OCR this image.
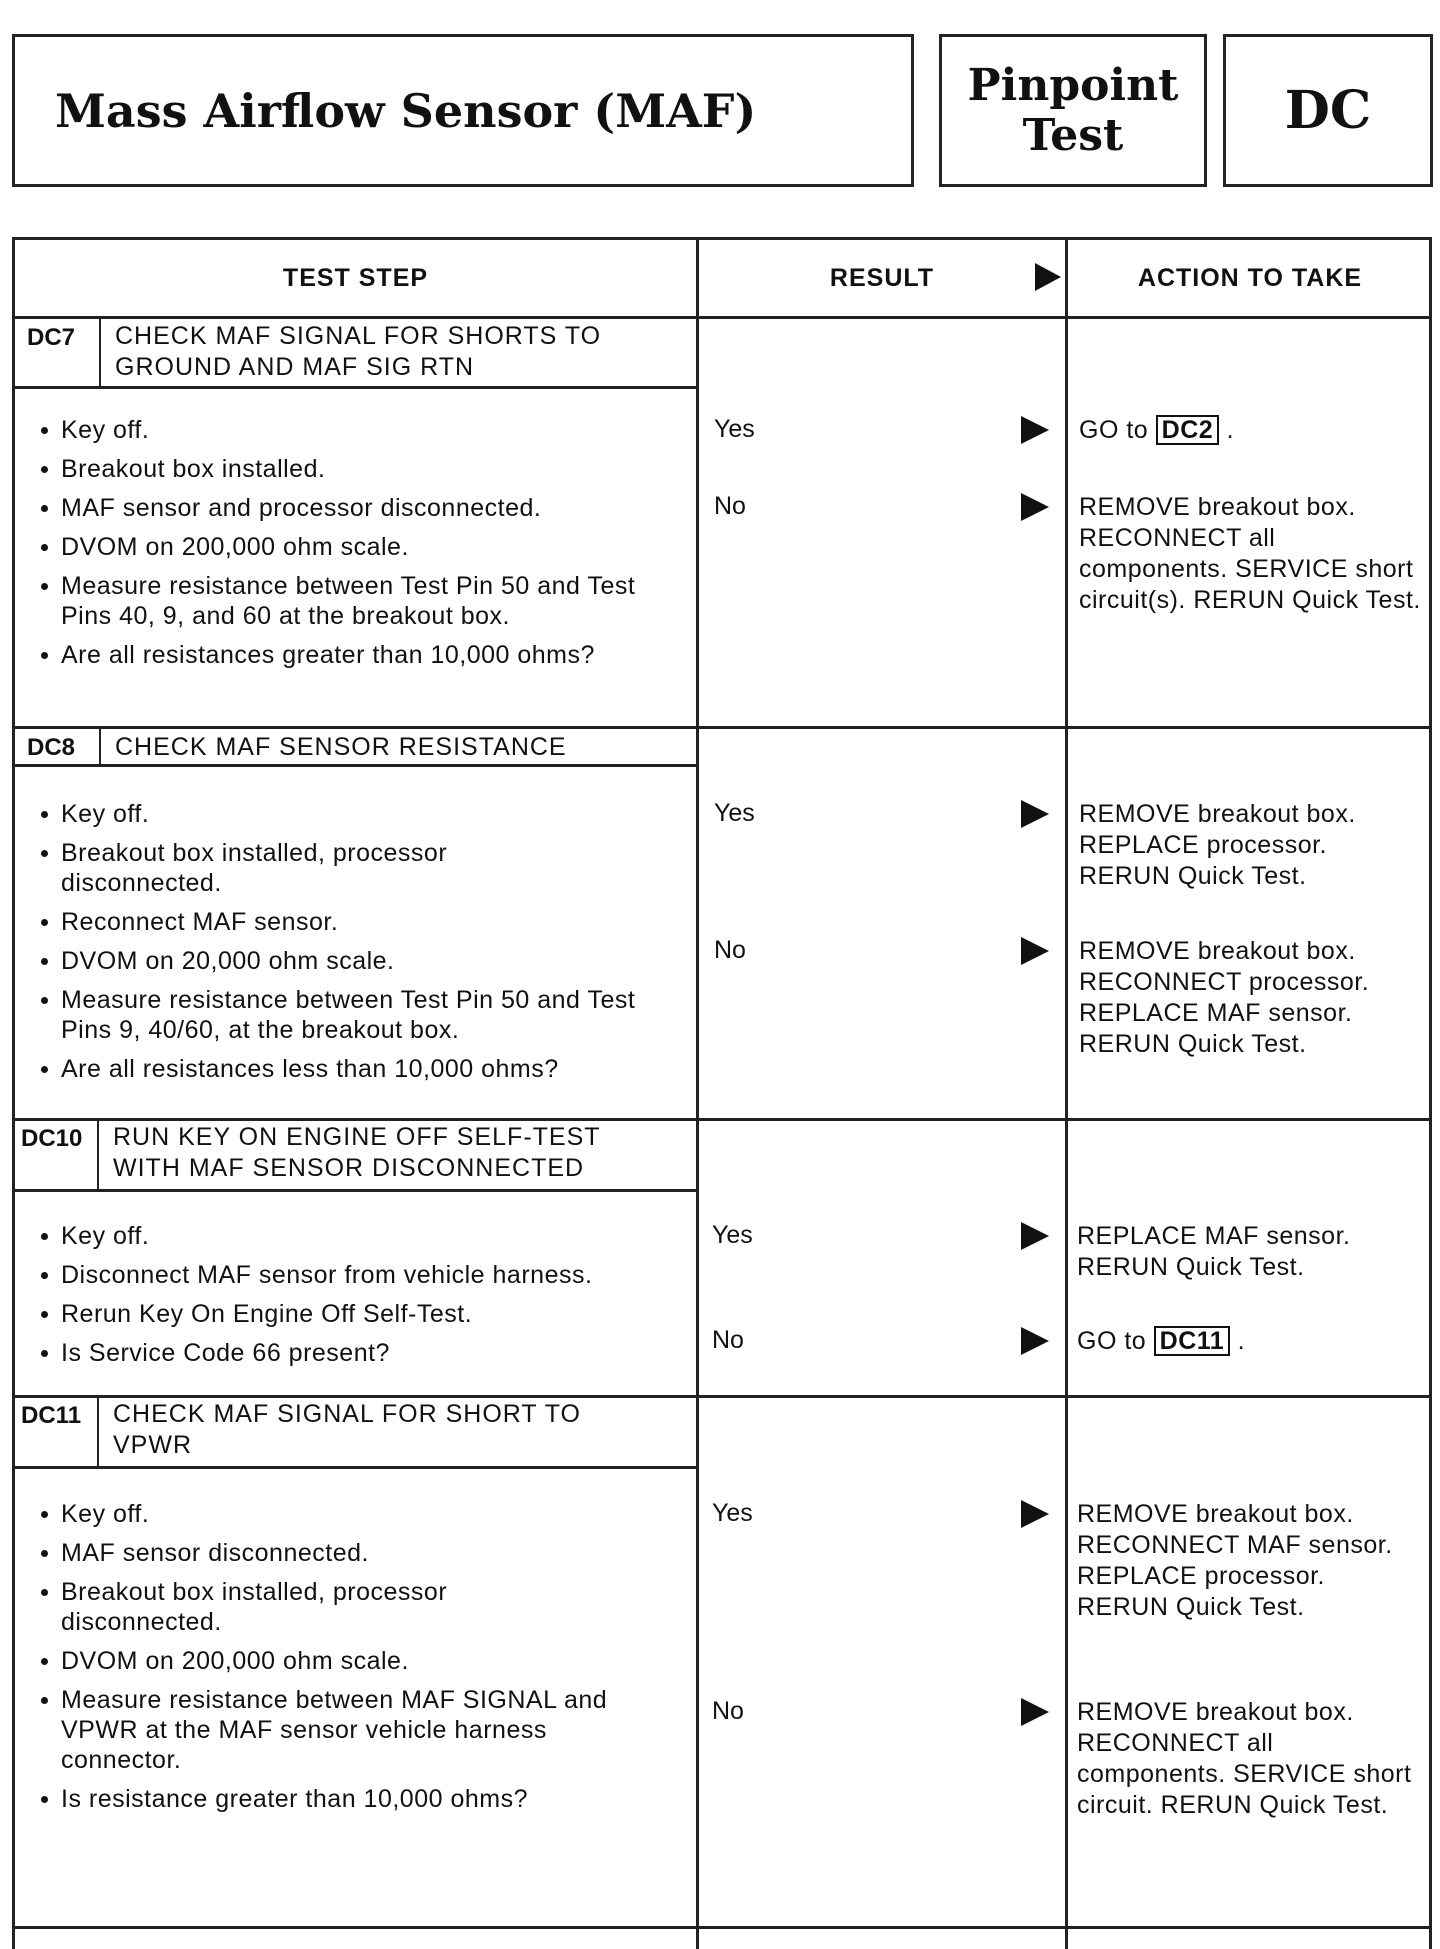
Mass Airflow Sensor (MAF)	Pinpoint
Test	DC
TEST STEP	RESULT	ACTION TO TAKE
DC7 CHECK MAF SIGNAL FOR SHORTS TO
GROUND AND MAF SIG RTN
Key off.
Breakout box installed.
MAF sensor and processor disconnected.
DVOM on 200,000 ohm scale.
Measure resistance between Test Pin 50 and Test Pins 40, 9, and 60 at the breakout box.
Are all resistances greater than 10,000 ohms?
Yes	GO to DC2 .
No	REMOVE breakout box. RECONNECT all components. SERVICE short circuit(s). RERUN Quick Test.
DC8 CHECK MAF SENSOR RESISTANCE
Key off.
Breakout box installed, processor disconnected.
Reconnect MAF sensor.
DVOM on 20,000 ohm scale.
Measure resistance between Test Pin 50 and Test Pins 9, 40/60, at the breakout box.
Are all resistances less than 10,000 ohms?
Yes	REMOVE breakout box. REPLACE processor. RERUN Quick Test.
No	REMOVE breakout box. RECONNECT processor. REPLACE MAF sensor. RERUN Quick Test.
DC10 RUN KEY ON ENGINE OFF SELF-TEST
WITH MAF SENSOR DISCONNECTED
Key off.
Disconnect MAF sensor from vehicle harness.
Rerun Key On Engine Off Self-Test.
Is Service Code 66 present?
Yes	REPLACE MAF sensor. RERUN Quick Test.
No	GO to DC11 .
DC11 CHECK MAF SIGNAL FOR SHORT TO
VPWR
Key off.
MAF sensor disconnected.
Breakout box installed, processor disconnected.
DVOM on 200,000 ohm scale.
Measure resistance between MAF SIGNAL and VPWR at the MAF sensor vehicle harness connector.
Is resistance greater than 10,000 ohms?
Yes	REMOVE breakout box. RECONNECT MAF sensor. REPLACE processor. RERUN Quick Test.
No	REMOVE breakout box. RECONNECT all components. SERVICE short circuit. RERUN Quick Test.
